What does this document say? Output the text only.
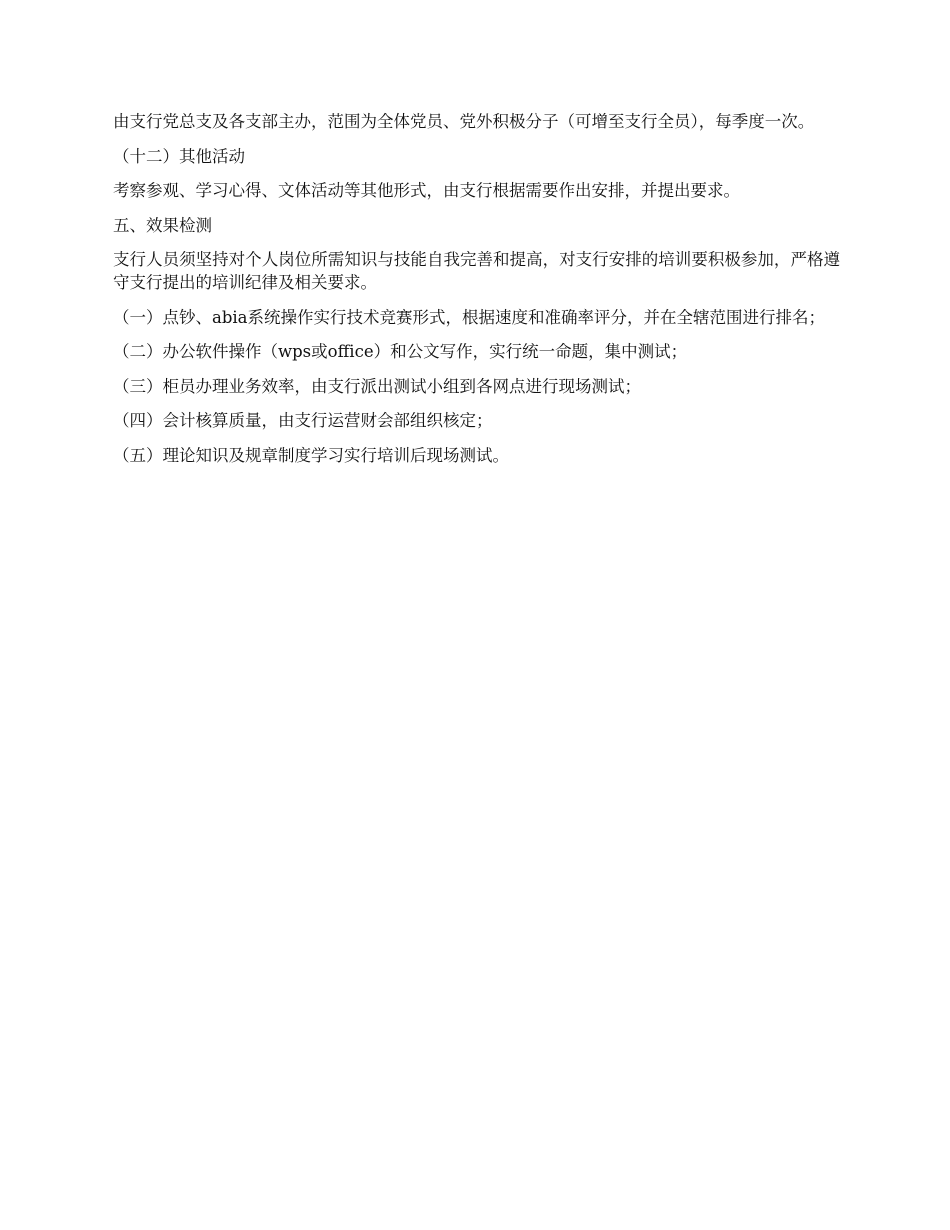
由支行党总支及各支部主办，范围为全体党员、党外积极分子（可增至支行全员），每季度一次。

（十二）其他活动

考察参观、学习心得、文体活动等其他形式，由支行根据需要作出安排，并提出要求。

五、效果检测

支行人员须坚持对个人岗位所需知识与技能自我完善和提高，对支行安排的培训要积极参加，严格遵守支行提出的培训纪律及相关要求。

（一）点钞、abia系统操作实行技术竞赛形式，根据速度和准确率评分，并在全辖范围进行排名；

（二）办公软件操作（wps或office）和公文写作，实行统一命题，集中测试；

（三）柜员办理业务效率，由支行派出测试小组到各网点进行现场测试；

（四）会计核算质量，由支行运营财会部组织核定；

（五）理论知识及规章制度学习实行培训后现场测试。
